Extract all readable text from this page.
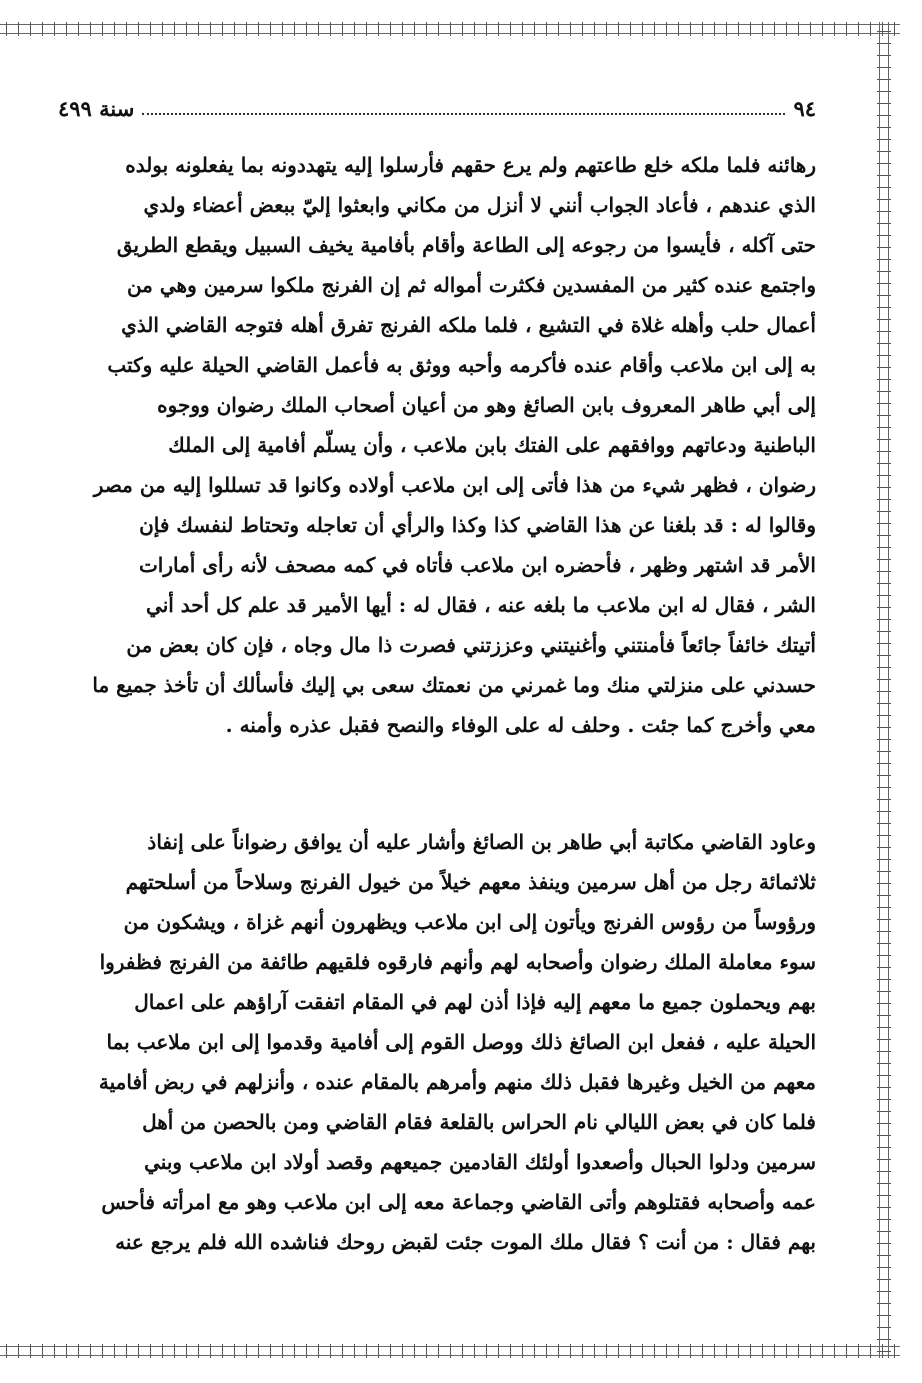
٩٤
سنة ٤٩٩
رهائنه فلما ملكه خلع طاعتهم ولم يرع حقهم فأرسلوا إليه يتهددونه بما يفعلونه بولده
الذي عندهم ، فأعاد الجواب أنني لا أنزل من مكاني وابعثوا إليّ ببعض أعضاء ولدي
حتى آكله ، فأيسوا من رجوعه إلى الطاعة وأقام بأفامية يخيف السبيل ويقطع الطريق
واجتمع عنده كثير من المفسدين فكثرت أمواله ثم إن الفرنج ملكوا سرمين وهي من
أعمال حلب وأهله غلاة في التشيع ، فلما ملكه الفرنج تفرق أهله فتوجه القاضي الذي
به إلى ابن ملاعب وأقام عنده فأكرمه وأحبه ووثق به فأعمل القاضي الحيلة عليه وكتب
إلى أبي طاهر المعروف بابن الصائغ وهو من أعيان أصحاب الملك رضوان ووجوه
الباطنية ودعاتهم ووافقهم على الفتك بابن ملاعب ، وأن يسلّم أفامية إلى الملك
رضوان ، فظهر شيء من هذا فأتى إلى ابن ملاعب أولاده وكانوا قد تسللوا إليه من مصر
وقالوا له : قد بلغنا عن هذا القاضي كذا وكذا والرأي أن تعاجله وتحتاط لنفسك فإن
الأمر قد اشتهر وظهر ، فأحضره ابن ملاعب فأتاه في كمه مصحف لأنه رأى أمارات
الشر ، فقال له ابن ملاعب ما بلغه عنه ، فقال له : أيها الأمير قد علم كل أحد أني
أتيتك خائفاً جائعاً فأمنتني وأغنيتني وعززتني فصرت ذا مال وجاه ، فإن كان بعض من
حسدني على منزلتي منك وما غمرني من نعمتك سعى بي إليك فأسألك أن تأخذ جميع ما
معي وأخرج كما جئت . وحلف له على الوفاء والنصح فقبل عذره وأمنه .
وعاود القاضي مكاتبة أبي طاهر بن الصائغ وأشار عليه أن يوافق رضواناً على إنفاذ
ثلاثمائة رجل من أهل سرمين وينفذ معهم خيلاً من خيول الفرنج وسلاحاً من أسلحتهم
ورؤوساً من رؤوس الفرنج ويأتون إلى ابن ملاعب ويظهرون أنهم غزاة ، ويشكون من
سوء معاملة الملك رضوان وأصحابه لهم وأنهم فارقوه فلقيهم طائفة من الفرنج فظفروا
بهم ويحملون جميع ما معهم إليه فإذا أذن لهم في المقام اتفقت آراؤهم على اعمال
الحيلة عليه ، ففعل ابن الصائغ ذلك ووصل القوم إلى أفامية وقدموا إلى ابن ملاعب بما
معهم من الخيل وغيرها فقبل ذلك منهم وأمرهم بالمقام عنده ، وأنزلهم في ربض أفامية
فلما كان في بعض الليالي نام الحراس بالقلعة فقام القاضي ومن بالحصن من أهل
سرمين ودلوا الحبال وأصعدوا أولئك القادمين جميعهم وقصد أولاد ابن ملاعب وبني
عمه وأصحابه فقتلوهم وأتى القاضي وجماعة معه إلى ابن ملاعب وهو مع امرأته فأحس
بهم فقال : من أنت ؟ فقال ملك الموت جئت لقبض روحك فناشده الله فلم يرجع عنه
